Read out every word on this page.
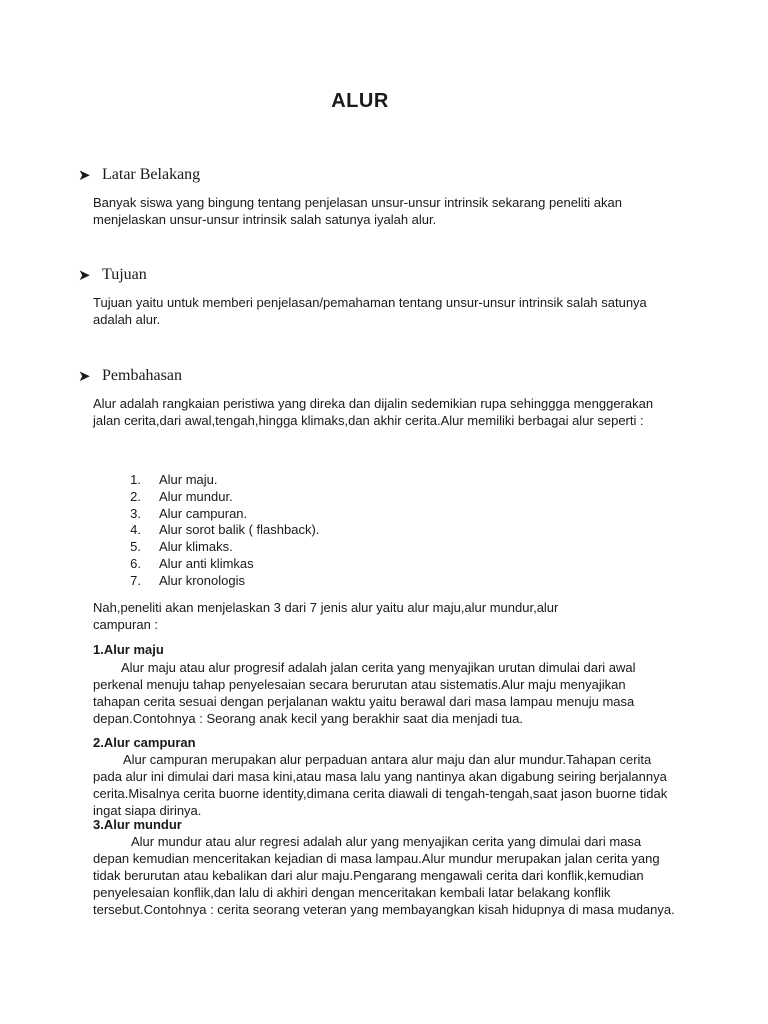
ALUR
➤ Latar Belakang

Banyak siswa yang bingung tentang penjelasan unsur-unsur intrinsik sekarang peneliti akan menjelaskan unsur-unsur intrinsik salah satunya iyalah alur.

➤ Tujuan

Tujuan yaitu untuk memberi penjelasan/pemahaman tentang unsur-unsur intrinsik salah satunya adalah alur.

➤ Pembahasan

Alur adalah rangkaian peristiwa yang direka dan dijalin sedemikian rupa sehinggga menggerakan jalan cerita,dari awal,tengah,hingga klimaks,dan akhir cerita.Alur memiliki berbagai alur seperti :

1. Alur maju.
2. Alur mundur.
3. Alur campuran.
4. Alur sorot balik ( flashback).
5. Alur klimaks.
6. Alur anti klimkas
7. Alur kronologis

Nah,peneliti akan menjelaskan 3 dari 7 jenis alur yaitu alur maju,alur mundur,alur campuran :

1.Alur maju

Alur maju atau alur progresif adalah jalan cerita yang menyajikan urutan dimulai dari awal perkenal menuju tahap penyelesaian secara berurutan atau sistematis.Alur maju menyajikan tahapan cerita sesuai dengan perjalanan waktu yaitu berawal dari masa lampau menuju masa depan.Contohnya : Seorang anak kecil yang berakhir saat dia menjadi tua.

2.Alur campuran

Alur campuran merupakan alur perpaduan antara alur maju dan alur mundur.Tahapan cerita pada alur ini dimulai dari masa kini,atau masa lalu yang nantinya akan digabung seiring berjalannya cerita.Misalnya cerita buorne identity,dimana cerita diawali di tengah-tengah,saat jason buorne tidak ingat siapa dirinya.

3.Alur mundur

Alur mundur atau alur regresi adalah alur yang menyajikan cerita yang dimulai dari masa depan kemudian menceritakan kejadian di masa lampau.Alur mundur merupakan jalan cerita yang tidak berurutan atau kebalikan dari alur maju.Pengarang mengawali cerita dari konflik,kemudian penyelesaian konflik,dan lalu di akhiri dengan menceritakan kembali latar belakang konflik tersebut.Contohnya : cerita seorang veteran yang membayangkan kisah hidupnya di masa mudanya.
